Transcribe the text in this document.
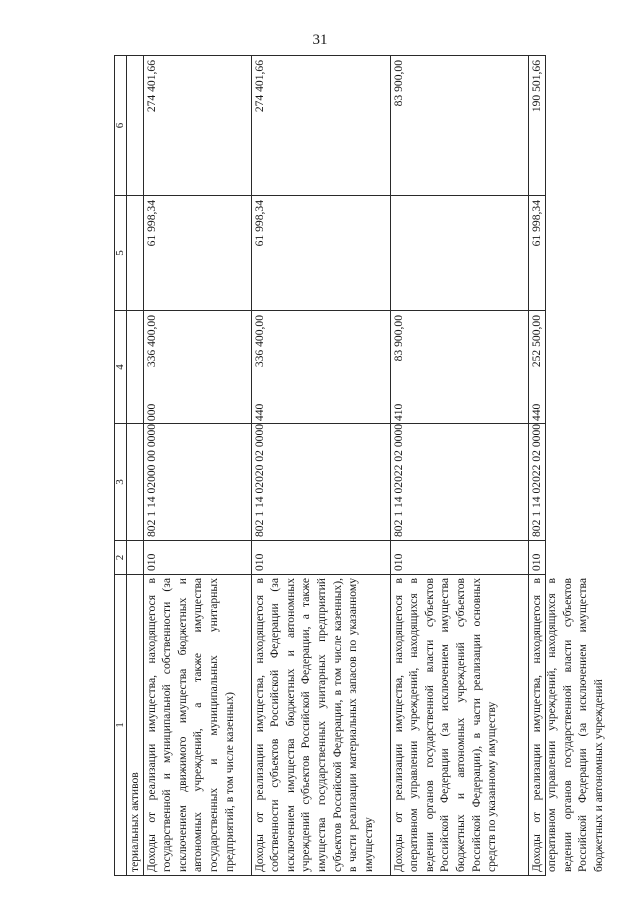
31
1	2	3	4	5	6
териальных активов					
Доходы от реализации имущества, находящегося в государственной и муниципальной собственности (за исключением движимого имущества бюджетных и автономных учреждений, а также имущества государственных и муниципальных унитарных предприятий, в том числе казенных)	010	802 1 14 02000 00 0000 000	336 400,00	61 998,34	274 401,66
Доходы от реализации имущества, находящегося в собственности субъектов Российской Федерации (за исключением имущества бюджетных и автономных учреждений субъектов Российской Федерации, а также имущества государственных унитарных предприятий субъектов Российской Федерации, в том числе казенных), в части реализации материальных запасов по указанному имуществу	010	802 1 14 02020 02 0000 440	336 400,00	61 998,34	274 401,66
Доходы от реализации имущества, находящегося в оперативном управлении учреждений, находящихся в ведении органов государственной власти субъектов Российской Федерации (за исключением имущества бюджетных и автономных учреждений субъектов Российской Федерации), в части реализации основных средств по указанному имуществу	010	802 1 14 02022 02 0000 410	83 900,00		83 900,00

Доходы от реализации имущества, находящегося в оперативном управлении учреждений, находящихся в ведении органов государственной власти субъектов Российской Федерации (за исключением имущества бюджетных и автономных учреждений	010	802 1 14 02022 02 0000 440	252 500,00	61 998,34	190 501,66
